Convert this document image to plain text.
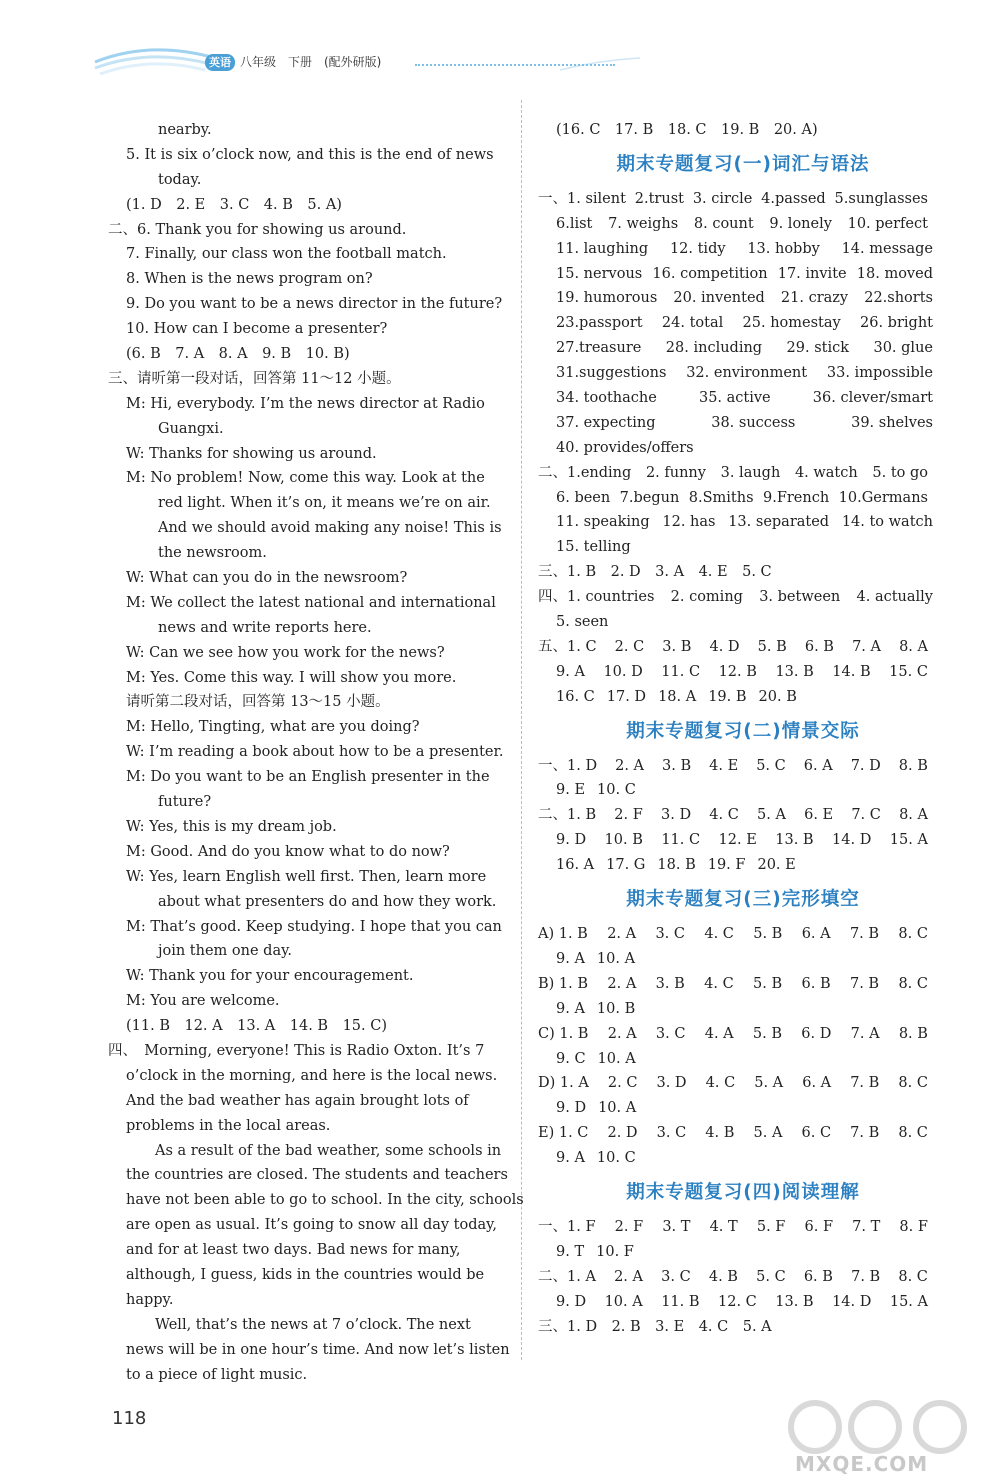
英语 八年级　下册　(配外研版)
nearby.
5. It is six o’clock now, and this is the end of news
today.
(1. D　2. E　3. C　4. B　5. A)
二、6. Thank you for showing us around.
7. Finally, our class won the football match.
8. When is the news program on?
9. Do you want to be a news director in the future?
10. How can I become a presenter?
(6. B　7. A　8. A　9. B　10. B)
三、请听第一段对话，回答第 11～12 小题。
M: Hi, everybody. I’m the news director at Radio
Guangxi.
W: Thanks for showing us around.
M: No problem! Now, come this way. Look at the
red light. When it’s on, it means we’re on air.
And we should avoid making any noise! This is
the newsroom.
W: What can you do in the newsroom?
M: We collect the latest national and international
news and write reports here.
W: Can we see how you work for the news?
M: Yes. Come this way. I will show you more.
请听第二段对话，回答第 13～15 小题。
M: Hello, Tingting, what are you doing?
W: I’m reading a book about how to be a presenter.
M: Do you want to be an English presenter in the
future?
W: Yes, this is my dream job.
M: Good. And do you know what to do now?
W: Yes, learn English well first. Then, learn more
about what presenters do and how they work.
M: That’s good. Keep studying. I hope that you can
join them one day.
W: Thank you for your encouragement.
M: You are welcome.
(11. B　12. A　13. A　14. B　15. C)
四、　Morning, everyone! This is Radio Oxton. It’s 7
o’clock in the morning, and here is the local news.
And the bad weather has again brought lots of
problems in the local areas.
　　As a result of the bad weather, some schools in
the countries are closed. The students and teachers
have not been able to go to school. In the city, schools
are open as usual. It’s going to snow all day today,
and for at least two days. Bad news for many,
although, I guess, kids in the countries would be
happy.
　　Well, that’s the news at 7 o’clock. The next
news will be in one hour’s time. And now let’s listen
to a piece of light music.
(16. C　17. B　18. C　19. B　20. A)
期末专题复习(一)词汇与语法
一、1. silent 2.trust 3. circle 4.passed 5.sunglasses
6.list 7. weighs 8. count 9. lonely 10. perfect
11. laughing 12. tidy 13. hobby 14. message
15. nervous 16. competition 17. invite 18. moved
19. humorous 20. invented 21. crazy 22.shorts
23.passport 24. total 25. homestay 26. bright
27.treasure 28. including 29. stick 30. glue
31.suggestions 32. environment 33. impossible
34. toothache	35. active	36. clever/smart
37. expecting	38. success	39. shelves
40. provides/offers
二、1.ending 2. funny 3. laugh 4. watch 5. to go
6. been 7.begun 8.Smiths 9.French 10.Germans
11. speaking 12. has 13. separated 14. to watch
15. telling
三、1. B　2. D　3. A　4. E　5. C
四、1. countries 2. coming 3. between 4. actually
5. seen
五、1. C 2. C 3. B 4. D 5. B 6. B 7. A 8. A
9. A 10. D 11. C 12. B 13. B 14. B 15. C
16. C 17. D 18. A 19. B 20. B
期末专题复习(二)情景交际
一、1. D 2. A 3. B 4. E 5. C 6. A 7. D 8. B
9. E 10. C
二、1. B 2. F 3. D 4. C 5. A 6. E 7. C 8. A
9. D 10. B 11. C 12. E 13. B 14. D 15. A
16. A 17. G 18. B 19. F 20. E
期末专题复习(三)完形填空
A) 1. B 2. A 3. C 4. C 5. B 6. A 7. B 8. C
9. A 10. A
B) 1. B 2. A 3. B 4. C 5. B 6. B 7. B 8. C
9. A 10. B
C) 1. B 2. A 3. C 4. A 5. B 6. D 7. A 8. B
9. C 10. A
D) 1. A 2. C 3. D 4. C 5. A 6. A 7. B 8. C
9. D 10. A
E) 1. C 2. D 3. C 4. B 5. A 6. C 7. B 8. C
9. A 10. C
期末专题复习(四)阅读理解
一、1. F 2. F 3. T 4. T 5. F 6. F 7. T 8. F
9. T 10. F
二、1. A 2. A 3. C 4. B 5. C 6. B 7. B 8. C
9. D 10. A 11. B 12. C 13. B 14. D 15. A
三、1. D　2. B　3. E　4. C　5. A
118
MXQE.COM
